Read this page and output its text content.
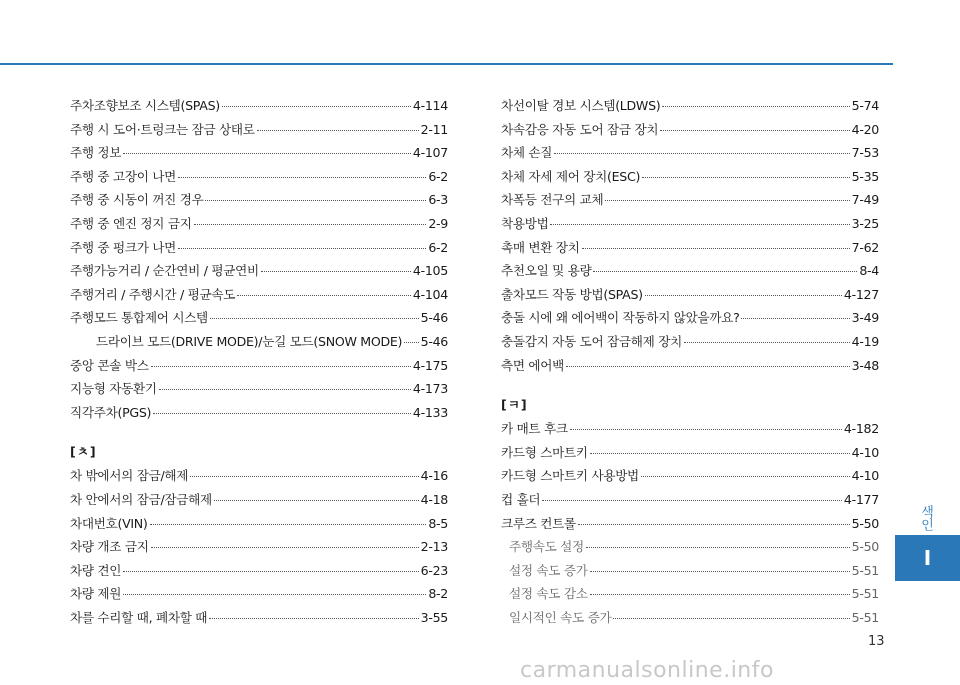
주차조향보조 시스템(SPAS)	4-114
주행 시 도어·트렁크는 잠금 상태로	2-11
주행 정보	4-107
주행 중 고장이 나면	6-2
주행 중 시동이 꺼진 경우	6-3
주행 중 엔진 정지 금지	2-9
주행 중 펑크가 나면	6-2
주행가능거리 / 순간연비 / 평균연비	4-105
주행거리 / 주행시간 / 평균속도	4-104
주행모드 통합제어 시스템	5-46
드라이브 모드(DRIVE MODE)/눈길 모드(SNOW MODE) 5-46
중앙 콘솔 박스	4-175
지능형 자동환기	4-173
직각주차(PGS)	4-133
[ㅊ]
차 밖에서의 잠금/해제	4-16
차 안에서의 잠금/잠금해제	4-18
차대번호(VIN)	8-5
차량 개조 금지	2-13
차량 견인	6-23
차량 제원	8-2
차를 수리할 때, 폐차할 때	3-55
차선이탈 경보 시스템(LDWS)	5-74
차속감응 자동 도어 잠금 장치	4-20
차체 손질	7-53
차체 자세 제어 장치(ESC)	5-35
차폭등 전구의 교체	7-49
착용방법	3-25
촉매 변환 장치	7-62
추천오일 및 용량	8-4
출차모드 작동 방법(SPAS)	4-127
충돌 시에 왜 에어백이 작동하지 않았을까요?	3-49
충돌감지 자동 도어 잠금해제 장치	4-19
측면 에어백	3-48
[ㅋ]
카 매트 후크	4-182
카드형 스마트키	4-10
카드형 스마트키 사용방법	4-10
컵 홀더	4-177
크루즈 컨트롤	5-50
주행속도 설정	5-50
설정 속도 증가	5-51
설정 속도 감소	5-51
일시적인 속도 증가	5-51
색인
I
13
carmanualsonline.info
